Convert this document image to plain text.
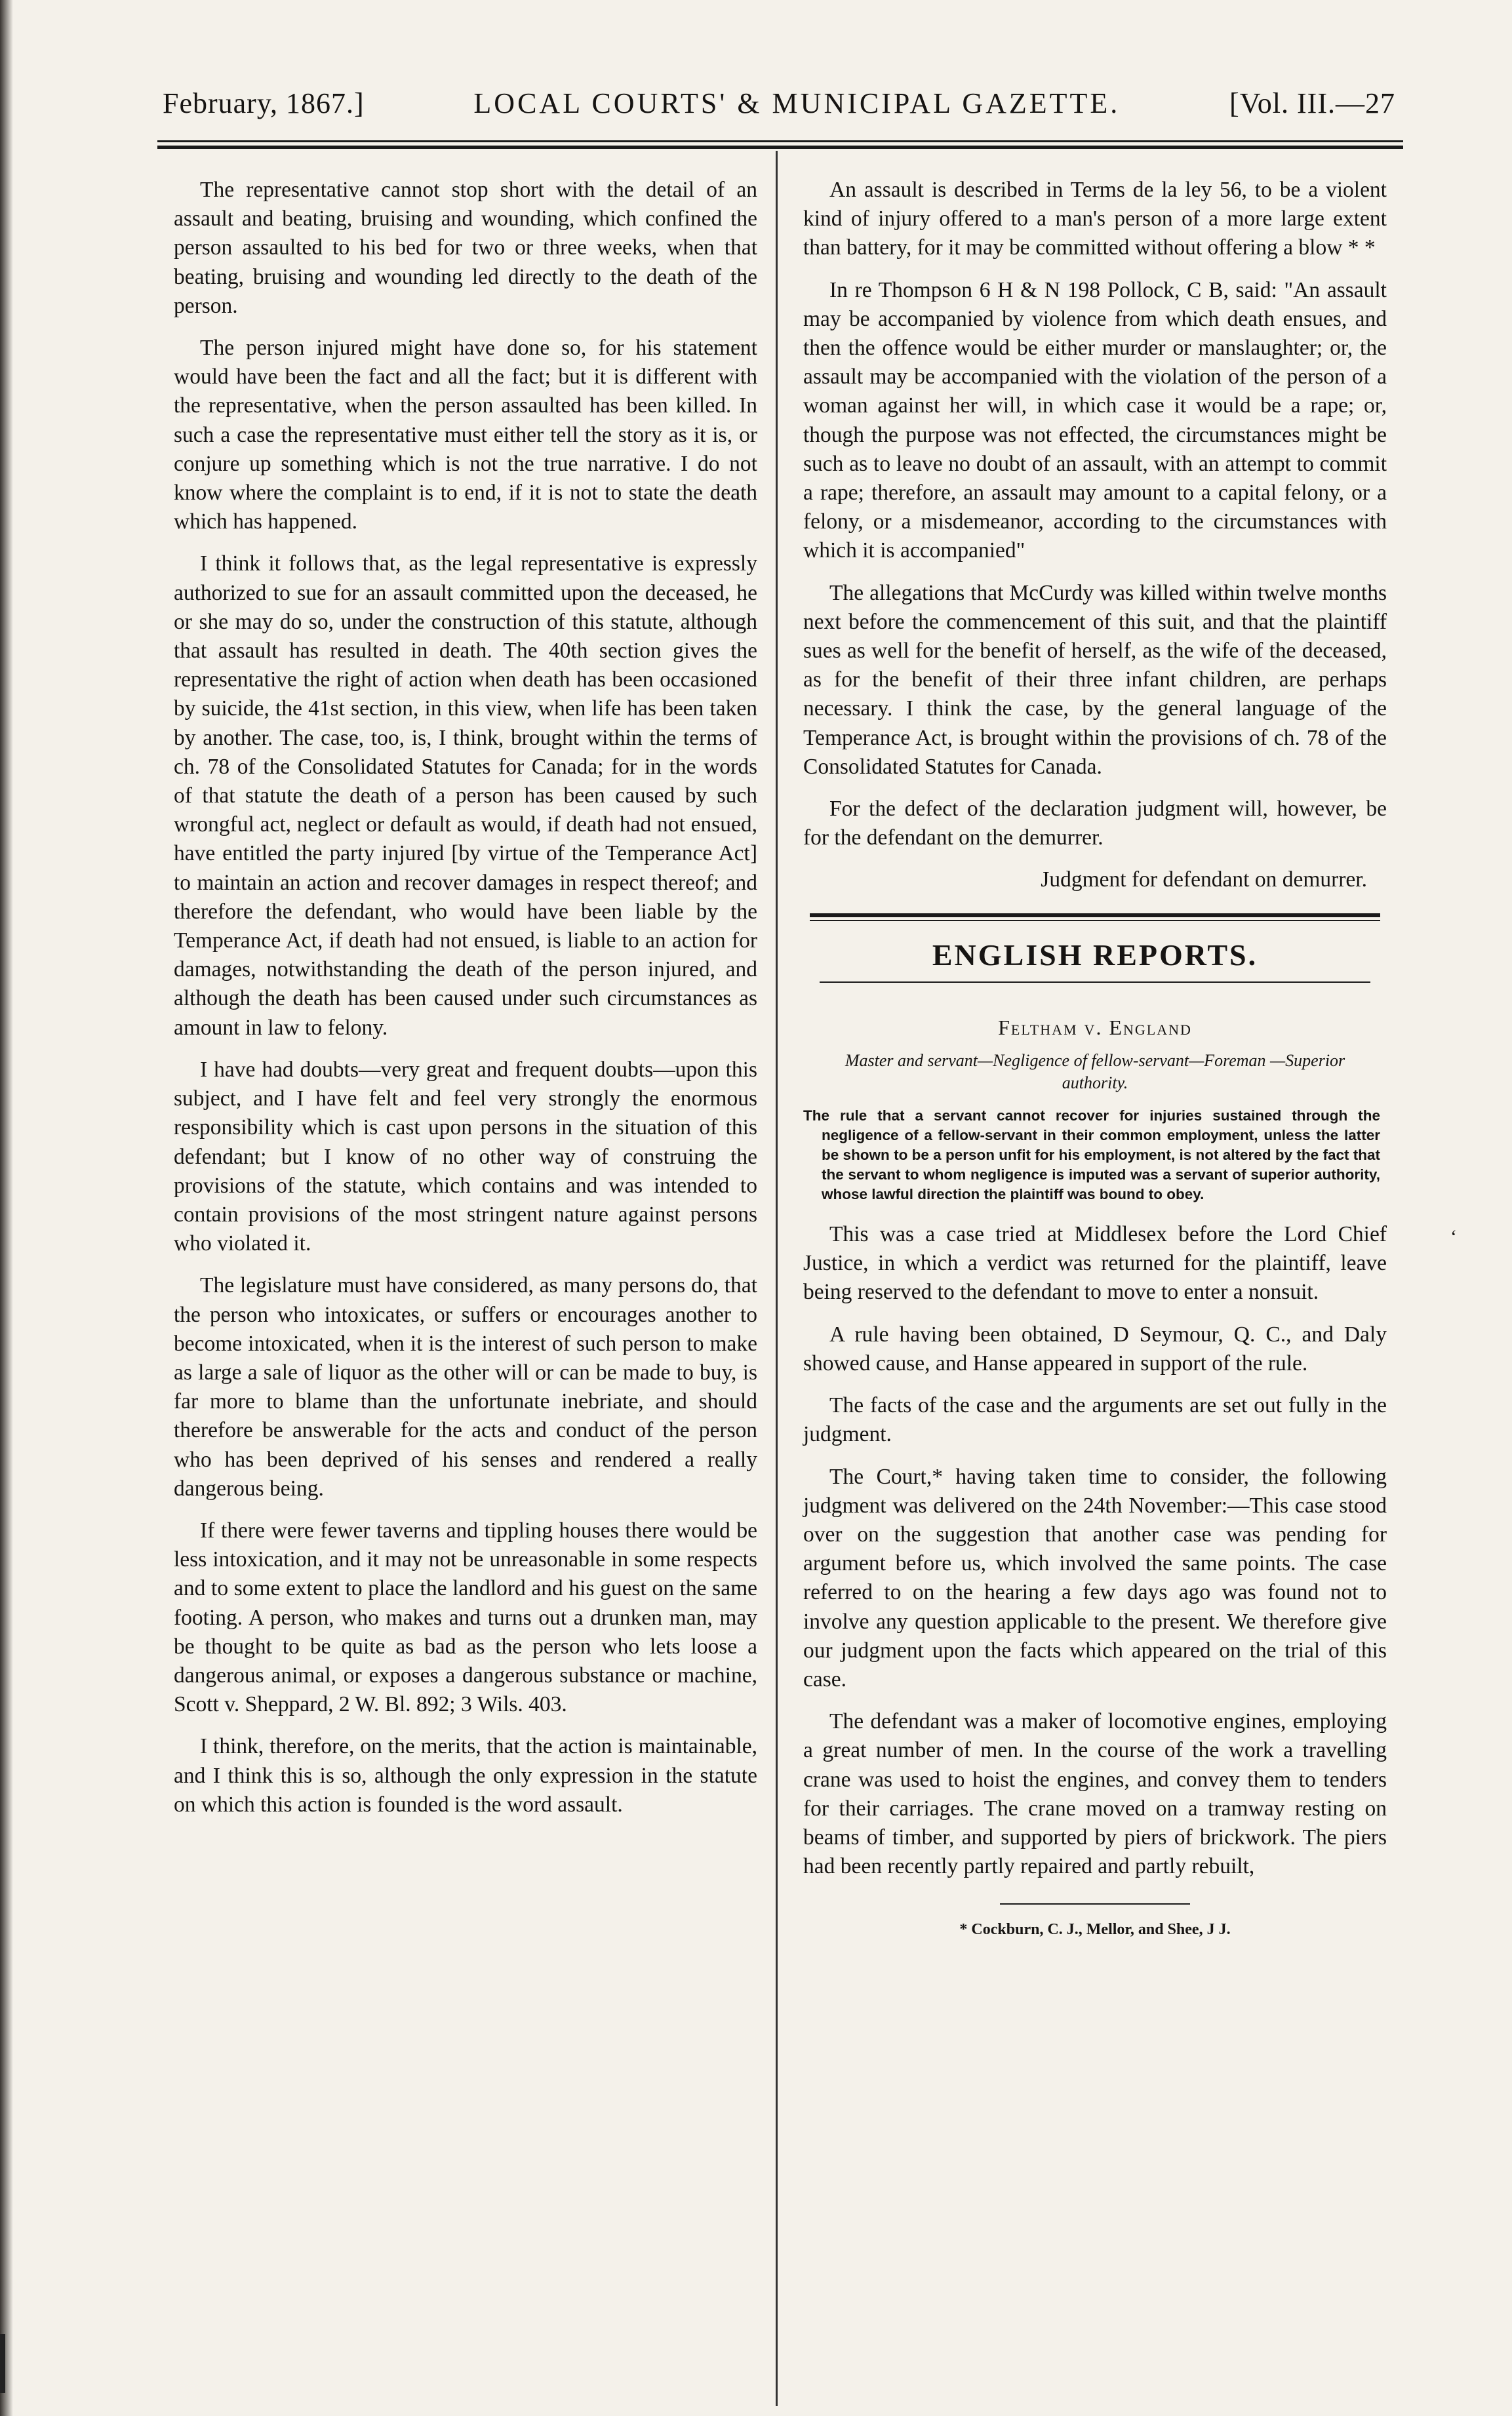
February, 1867.]	LOCAL COURTS' & MUNICIPAL GAZETTE.	[Vol. III.—27

The representative cannot stop short with the detail of an assault and beating, bruising and wounding, which confined the person assaulted to his bed for two or three weeks, when that beating, bruising and wounding led directly to the death of the person.

The person injured might have done so, for his statement would have been the fact and all the fact; but it is different with the representative, when the person assaulted has been killed. In such a case the representative must either tell the story as it is, or conjure up something which is not the true narrative. I do not know where the complaint is to end, if it is not to state the death which has happened.

I think it follows that, as the legal representative is expressly authorized to sue for an assault committed upon the deceased, he or she may do so, under the construction of this statute, although that assault has resulted in death. The 40th section gives the representative the right of action when death has been occasioned by suicide, the 41st section, in this view, when life has been taken by another. The case, too, is, I think, brought within the terms of ch. 78 of the Consolidated Statutes for Canada; for in the words of that statute the death of a person has been caused by such wrongful act, neglect or default as would, if death had not ensued, have entitled the party injured [by virtue of the Temperance Act] to maintain an action and recover damages in respect thereof; and therefore the defendant, who would have been liable by the Temperance Act, if death had not ensued, is liable to an action for damages, notwithstanding the death of the person injured, and although the death has been caused under such circumstances as amount in law to felony.

I have had doubts—very great and frequent doubts—upon this subject, and I have felt and feel very strongly the enormous responsibility which is cast upon persons in the situation of this defendant; but I know of no other way of construing the provisions of the statute, which contains and was intended to contain provisions of the most stringent nature against persons who violated it.

The legislature must have considered, as many persons do, that the person who intoxicates, or suffers or encourages another to become intoxicated, when it is the interest of such person to make as large a sale of liquor as the other will or can be made to buy, is far more to blame than the unfortunate inebriate, and should therefore be answerable for the acts and conduct of the person who has been deprived of his senses and rendered a really dangerous being.

If there were fewer taverns and tippling houses there would be less intoxication, and it may not be unreasonable in some respects and to some extent to place the landlord and his guest on the same footing. A person, who makes and turns out a drunken man, may be thought to be quite as bad as the person who lets loose a dangerous animal, or exposes a dangerous substance or machine, Scott v. Sheppard, 2 W. Bl. 892; 3 Wils. 403.

I think, therefore, on the merits, that the action is maintainable, and I think this is so, although the only expression in the statute on which this action is founded is the word assault.

An assault is described in Terms de la ley 56, to be a violent kind of injury offered to a man's person of a more large extent than battery, for it may be committed without offering a blow * *

In re Thompson 6 H & N 198 Pollock, C B, said: "An assault may be accompanied by violence from which death ensues, and then the offence would be either murder or manslaughter; or, the assault may be accompanied with the violation of the person of a woman against her will, in which case it would be a rape; or, though the purpose was not effected, the circumstances might be such as to leave no doubt of an assault, with an attempt to commit a rape; therefore, an assault may amount to a capital felony, or a felony, or a misdemeanor, according to the circumstances with which it is accompanied"

The allegations that McCurdy was killed within twelve months next before the commencement of this suit, and that the plaintiff sues as well for the benefit of herself, as the wife of the deceased, as for the benefit of their three infant children, are perhaps necessary. I think the case, by the general language of the Temperance Act, is brought within the provisions of ch. 78 of the Consolidated Statutes for Canada.

For the defect of the declaration judgment will, however, be for the defendant on the demurrer.

Judgment for defendant on demurrer.

ENGLISH REPORTS.
Feltham v. England
Master and servant—Negligence of fellow-servant—Foreman —Superior authority.
The rule that a servant cannot recover for injuries sustained through the negligence of a fellow-servant in their common employment, unless the latter be shown to be a person unfit for his employment, is not altered by the fact that the servant to whom negligence is imputed was a servant of superior authority, whose lawful direction the plaintiff was bound to obey.

This was a case tried at Middlesex before the Lord Chief Justice, in which a verdict was returned for the plaintiff, leave being reserved to the defendant to move to enter a nonsuit.

A rule having been obtained, D Seymour, Q. C., and Daly showed cause, and Hanse appeared in support of the rule.

The facts of the case and the arguments are set out fully in the judgment.

The Court,* having taken time to consider, the following judgment was delivered on the 24th November:—This case stood over on the suggestion that another case was pending for argument before us, which involved the same points. The case referred to on the hearing a few days ago was found not to involve any question applicable to the present. We therefore give our judgment upon the facts which appeared on the trial of this case.

The defendant was a maker of locomotive engines, employing a great number of men. In the course of the work a travelling crane was used to hoist the engines, and convey them to tenders for their carriages. The crane moved on a tramway resting on beams of timber, and supported by piers of brickwork. The piers had been recently partly repaired and partly rebuilt,

* Cockburn, C. J., Mellor, and Shee, J J.
ʻ
